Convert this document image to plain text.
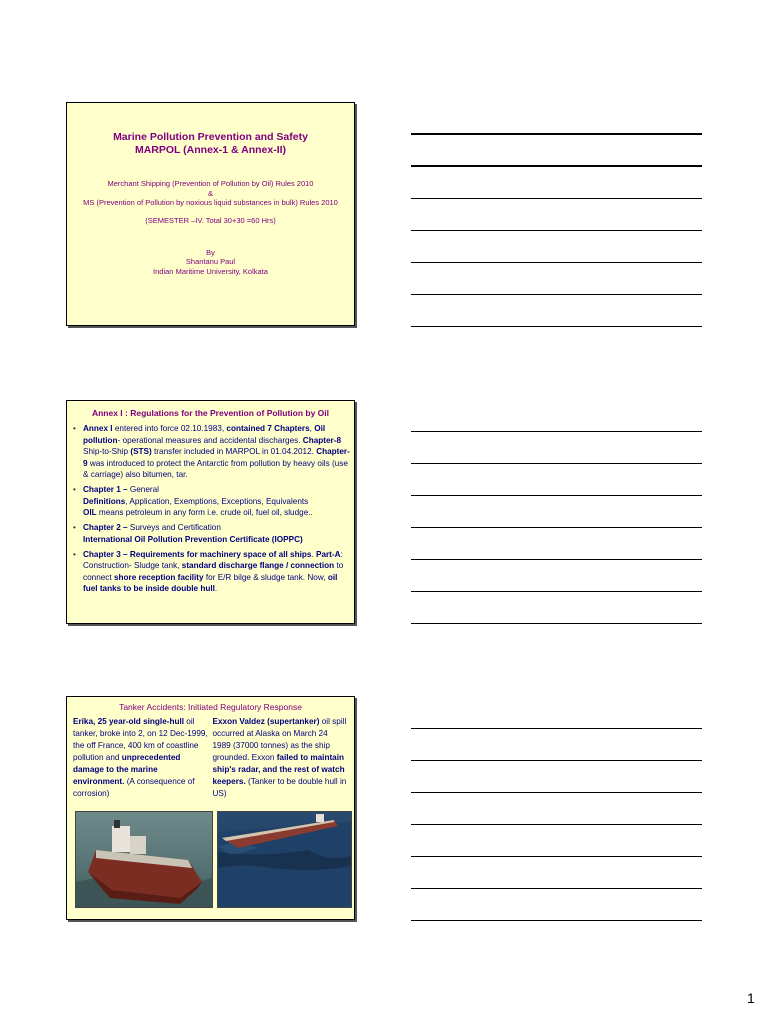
Marine Pollution Prevention and Safety
MARPOL (Annex-1 & Annex-II)
Merchant Shipping (Prevention of Pollution by Oil) Rules 2010
&
MS (Prevention of Pollution by noxious liquid substances in bulk) Rules 2010
(SEMESTER –IV. Total 30+30 =60 Hrs)
By
Shantanu Paul
Indian Maritime University, Kolkata
Annex I : Regulations for the Prevention of Pollution by Oil
• Annex I entered into force 02.10.1983, contained 7 Chapters, Oil pollution- operational measures and accidental discharges. Chapter-8 Ship-to-Ship (STS) transfer included in MARPOL in 01.04.2012. Chapter-9 was introduced to protect the Antarctic from pollution by heavy oils (use & carriage) also bitumen, tar.
• Chapter 1 – General
Definitions, Application, Exemptions, Exceptions, Equivalents
OIL means petroleum in any form i.e. crude oil, fuel oil, sludge..
• Chapter 2 – Surveys and Certification
International Oil Pollution Prevention Certificate (IOPPC)
• Chapter 3 – Requirements for machinery space of all ships. Part-A: Construction- Sludge tank, standard discharge flange / connection to connect shore reception facility for E/R bilge & sludge tank. Now, oil fuel tanks to be inside double hull.
Tanker Accidents: Initiated Regulatory Response
Erika, 25 year-old single-hull oil tanker, broke into 2, on 12 Dec-1999, the off France, 400 km of coastline pollution and unprecedented damage to the marine environment. (A consequence of corrosion)
Exxon Valdez (supertanker) oil spill occurred at Alaska on March 24 1989 (37000 tonnes) as the ship grounded. Exxon failed to maintain ship's radar, and the rest of watch keepers. (Tanker to be double hull in US)
1
